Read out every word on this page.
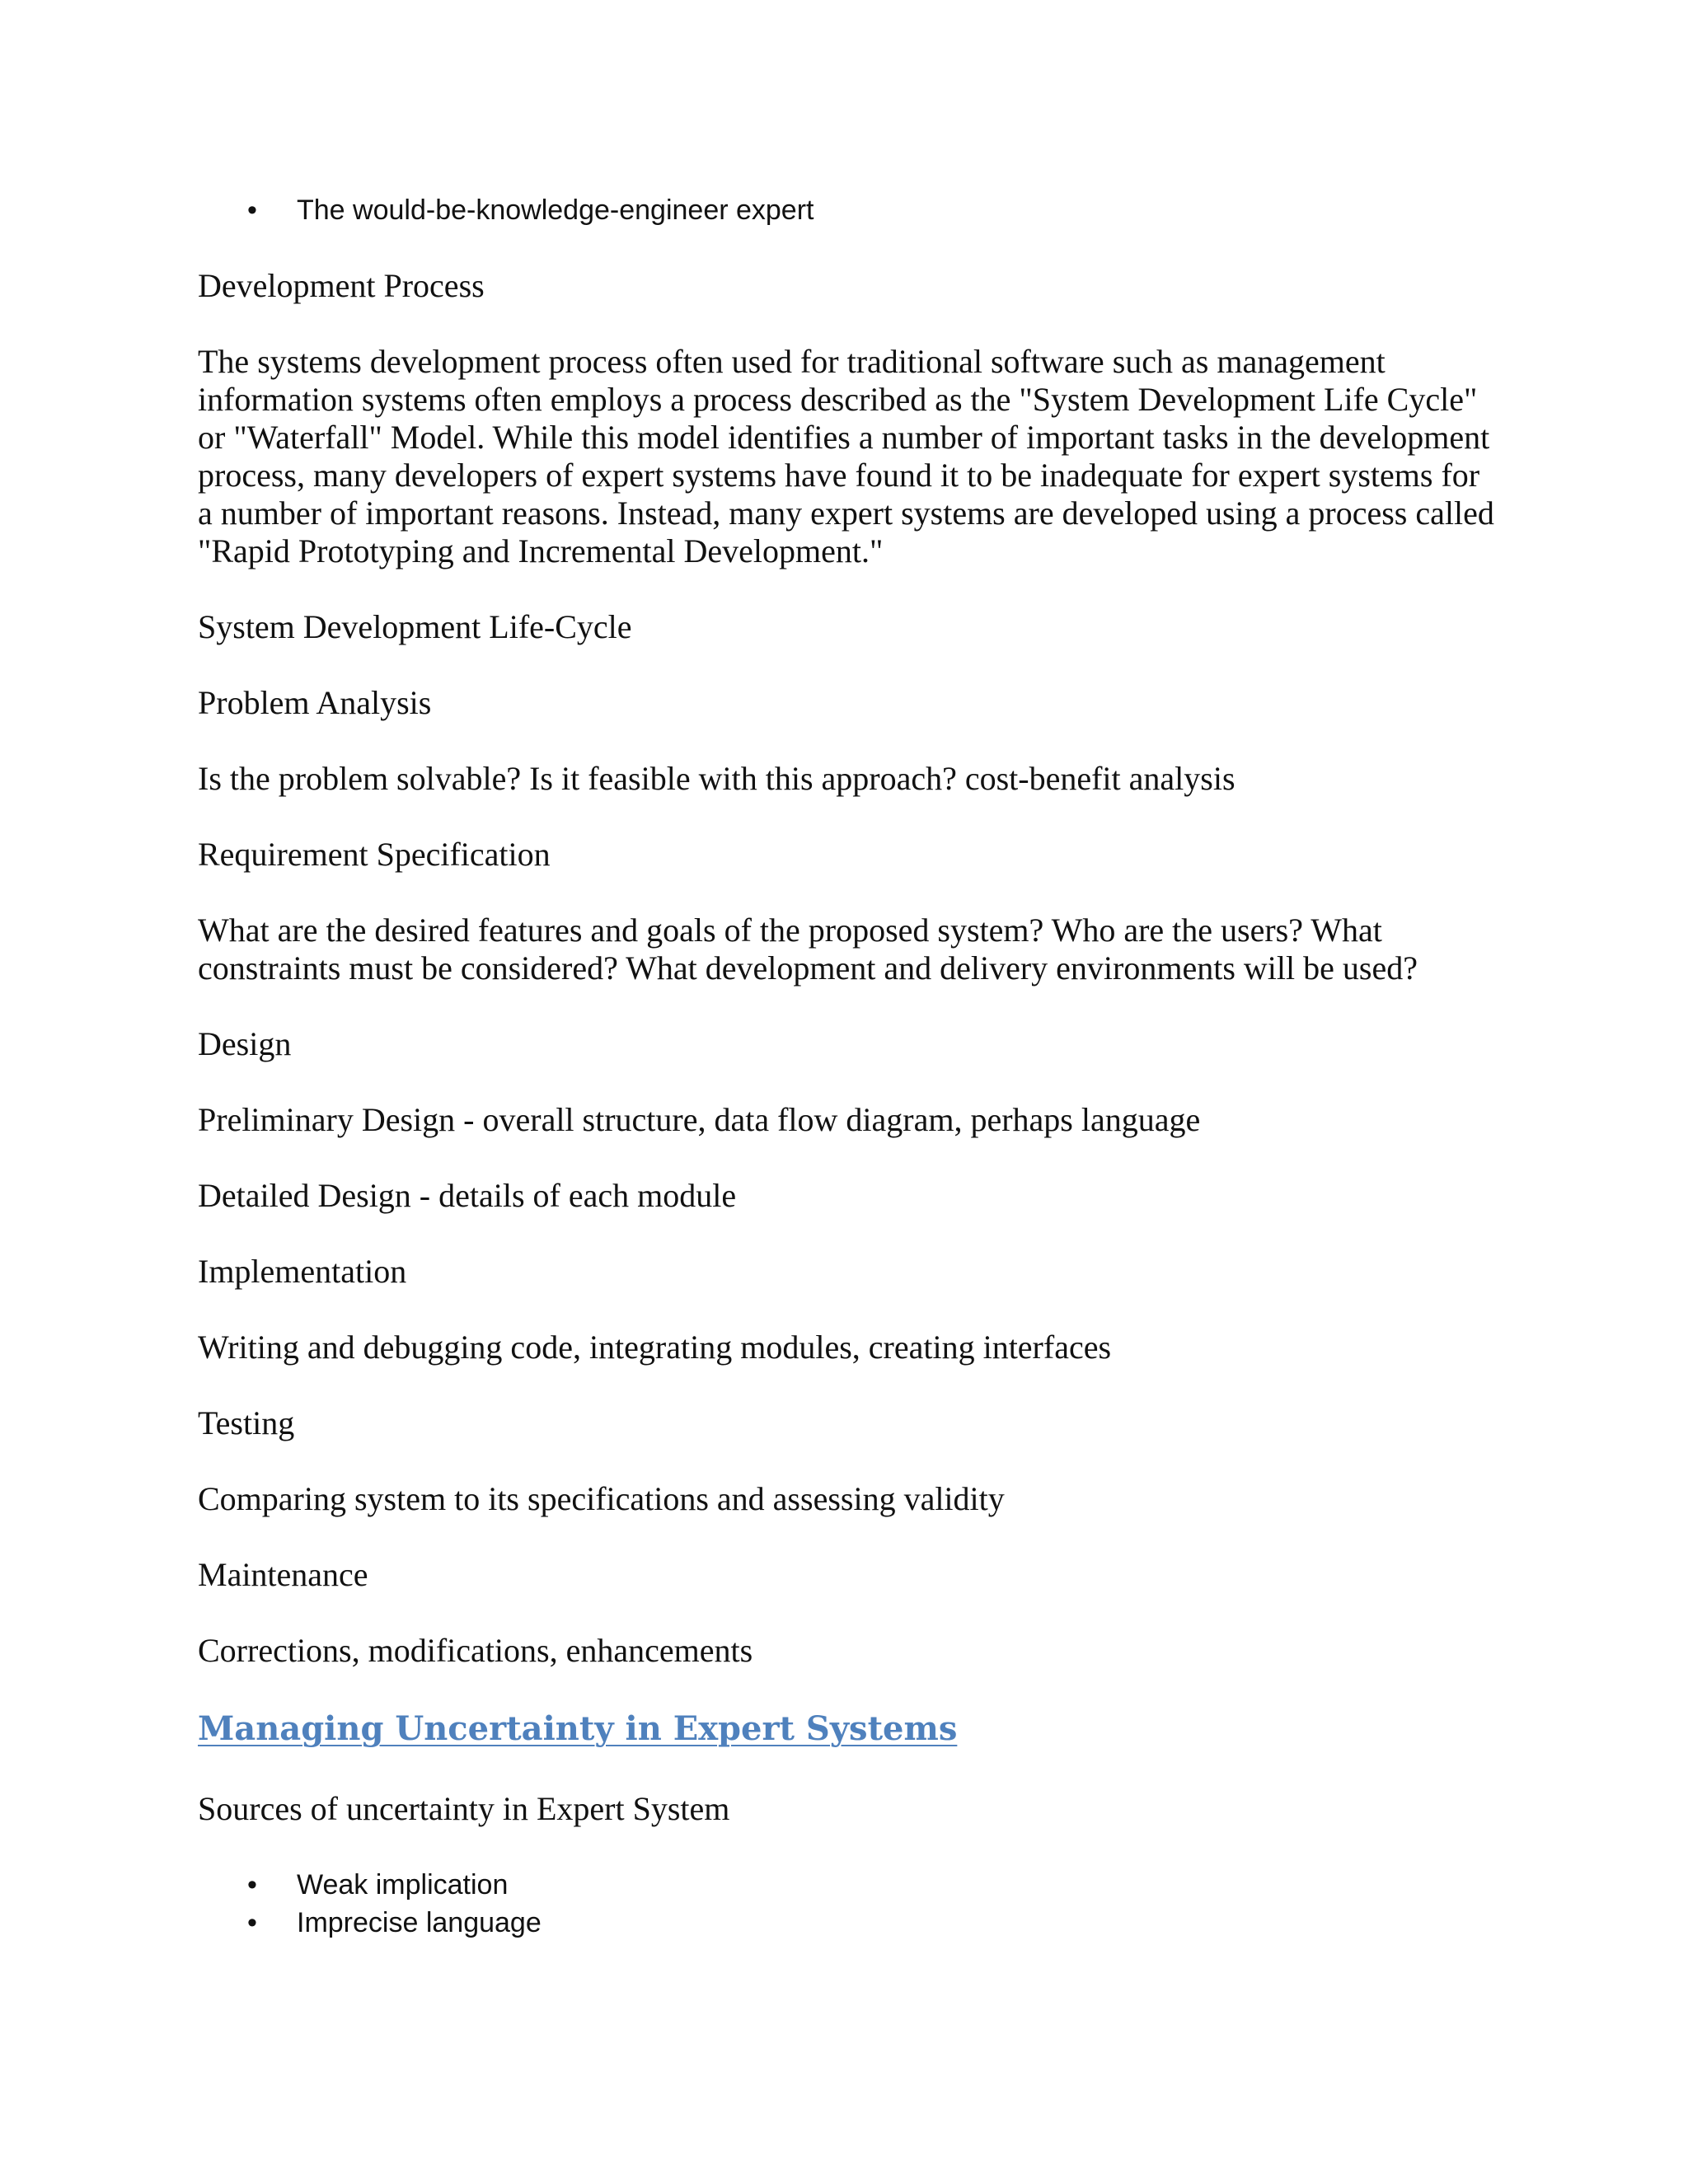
•	The would-be-knowledge-engineer expert

Development Process

The systems development process often used for traditional software such as management information systems often employs a process described as the "System Development Life Cycle" or "Waterfall" Model. While this model identifies a number of important tasks in the development process, many developers of expert systems have found it to be inadequate for expert systems for a number of important reasons. Instead, many expert systems are developed using a process called "Rapid Prototyping and Incremental Development."

System Development Life-Cycle

Problem Analysis

Is the problem solvable? Is it feasible with this approach? cost-benefit analysis

Requirement Specification

What are the desired features and goals of the proposed system? Who are the users? What constraints must be considered? What development and delivery environments will be used?

Design

Preliminary Design - overall structure, data flow diagram, perhaps language

Detailed Design - details of each module

Implementation

Writing and debugging code, integrating modules, creating interfaces

Testing

Comparing system to its specifications and assessing validity

Maintenance

Corrections, modifications, enhancements

Managing Uncertainty in Expert Systems

Sources of uncertainty in Expert System

•	Weak implication
•	Imprecise language
